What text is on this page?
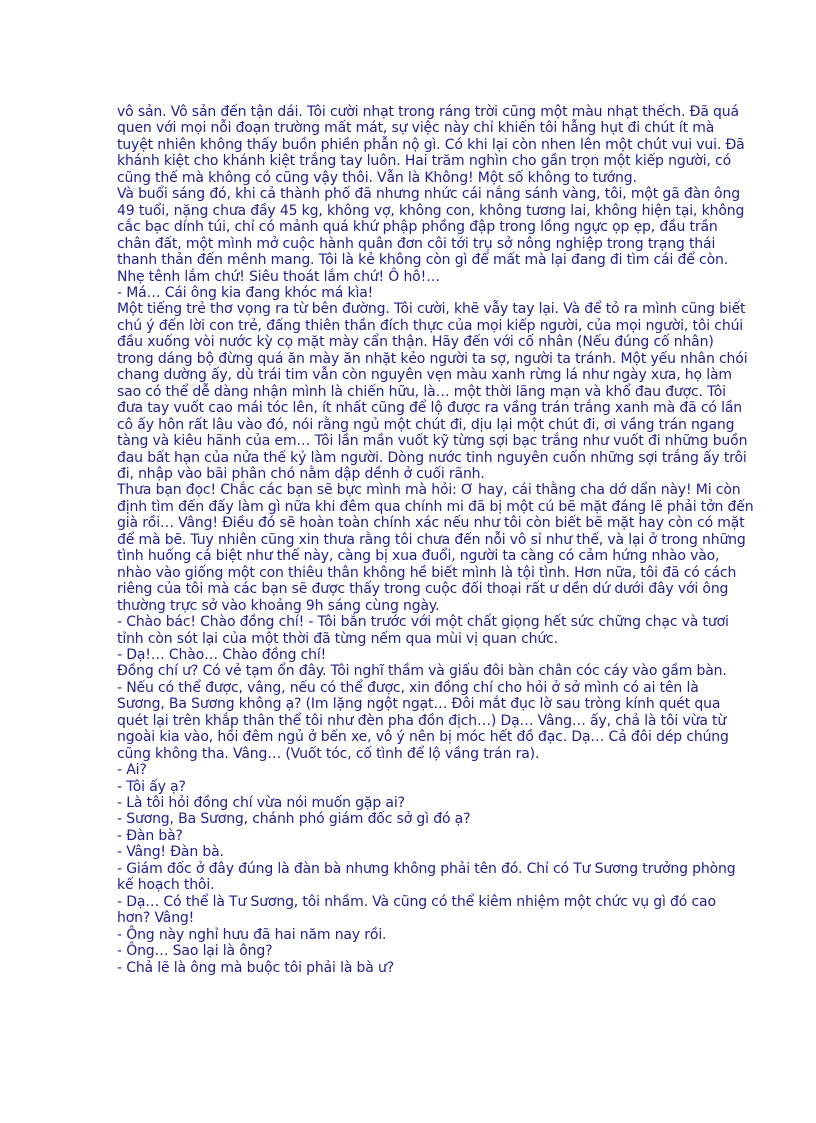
vô sản. Vô sản đến tận dái. Tôi cười nhạt trong ráng trời cũng một màu nhạt thếch. Đã quá
quen với mọi nỗi đoạn trường mất mát, sự việc này chỉ khiến tôi hẫng hụt đi chút ít mà
tuyệt nhiên không thấy buồn phiền phẫn nộ gì. Có khi lại còn nhen lên một chút vui vui. Đã
khánh kiệt cho khánh kiệt trắng tay luôn. Hai trăm nghìn cho gần trọn một kiếp người, có
cũng thế mà không có cũng vậy thôi. Vẫn là Không! Một số không to tướng.
Và buổi sáng đó, khi cả thành phố đã nhưng nhức cái nắng sánh vàng, tôi, một gã đàn ông
49 tuổi, nặng chưa đầy 45 kg, không vợ, không con, không tương lai, không hiện tại, không
cắc bạc dính túi, chỉ có mảnh quá khứ phập phồng đập trong lồng ngực ọp ẹp, đầu trần
chân đất, một mình mở cuộc hành quân đơn côi tới trụ sở nông nghiệp trong trạng thái
thanh thản đến mênh mang. Tôi là kẻ không còn gì để mất mà lại đang đi tìm cái để còn.
Nhẹ tênh lắm chứ! Siêu thoát lắm chứ! Ô hô!…
- Má… Cái ông kia đang khóc má kìa!
Một tiếng trẻ thơ vọng ra từ bên đường. Tôi cười, khẽ vẫy tay lại. Và để tỏ ra mình cũng biết
chú ý đến lời con trẻ, đấng thiên thần đích thực của mọi kiếp người, của mọi người, tôi chúi
đầu xuống vòi nước kỳ cọ mặt mày cẩn thận. Hãy đến với cố nhân (Nếu đúng cố nhân)
trong dáng bộ đừng quá ăn mày ăn nhặt kẻo người ta sợ, người ta tránh. Một yếu nhân chói
chang dường ấy, dù trái tim vẫn còn nguyên vẹn màu xanh rừng lá như ngày xưa, họ làm
sao có thể dễ dàng nhận mình là chiến hữu, là… một thời lãng mạn và khổ đau được. Tôi
đưa tay vuốt cao mái tóc lên, ít nhất cũng để lộ được ra vầng trán trắng xanh mà đã có lần
cô ấy hôn rất lâu vào đó, nói rằng ngủ một chút đi, dịu lại một chút đi, ơi vầng trán ngang
tàng và kiêu hãnh của em… Tôi lần mần vuốt kỹ từng sợi bạc trắng như vuốt đi những buồn
đau bất hạn của nửa thế kỷ làm người. Dòng nước tinh nguyên cuốn những sợi trắng ấy trôi
đi, nhập vào bãi phân chó nằm dập dềnh ở cuối rãnh.
Thưa bạn đọc! Chắc các bạn sẽ bực mình mà hỏi: Ơ hay, cái thằng cha dớ dẩn này! Mi còn
định tìm đến đấy làm gì nữa khi đêm qua chính mi đã bị một cú bẽ mặt đáng lẽ phải tởn đến
già rồi… Vâng! Điều đó sẽ hoàn toàn chính xác nếu như tôi còn biết bẽ mặt hay còn có mặt
để mà bẽ. Tuy nhiên cũng xin thưa rằng tôi chưa đến nỗi vô sỉ như thế, và lại ở trong những
tình huống cá biệt như thế này, càng bị xua đuổi, người ta càng có cảm hứng nhào vào,
nhào vào giống một con thiêu thân không hề biết mình là tội tình. Hơn nữa, tôi đã có cách
riêng của tôi mà các bạn sẽ được thấy trong cuộc đối thoại rất ư dền dứ dưới đây với ông
thường trực sở vào khoảng 9h sáng cùng ngày.
- Chào bác! Chào đồng chí! - Tôi bắn trước với một chất giọng hết sức chững chạc và tươi
tỉnh còn sót lại của một thời đã từng nếm qua mùi vị quan chức.
- Dạ!… Chào… Chào đồng chí!
Đồng chí ư? Có vẻ tạm ổn đây. Tôi nghĩ thầm và giấu đôi bàn chân cóc cáy vào gầm bàn.
- Nếu có thể được, vâng, nếu có thể được, xin đồng chí cho hỏi ở sở mình có ai tên là
Sương, Ba Sương không ạ? (Im lặng ngột ngạt… Đôi mắt đục lờ sau tròng kính quét qua
quét lại trên khắp thân thể tôi như đèn pha đồn địch…) Dạ… Vâng… ấy, chả là tôi vừa từ
ngoài kia vào, hồi đêm ngủ ở bến xe, vô ý nên bị móc hết đồ đạc. Dạ… Cả đôi dép chúng
cũng không tha. Vâng… (Vuốt tóc, cố tình để lộ vầng trán ra).
- Ai?
- Tôi ấy ạ?
- Là tôi hỏi đồng chí vừa nói muốn gặp ai?
- Sương, Ba Sương, chánh phó giám đốc sở gì đó ạ?
- Đàn bà?
- Vâng! Đàn bà.
- Giám đốc ở đây đúng là đàn bà nhưng không phải tên đó. Chỉ có Tư Sương trưởng phòng
kế hoạch thôi.
- Dạ… Có thể là Tư Sương, tôi nhầm. Và cũng có thể kiêm nhiệm một chức vụ gì đó cao
hơn? Vâng!
- Ông này nghỉ hưu đã hai năm nay rồi.
- Ông… Sao lại là ông?
- Chả lẽ là ông mà buộc tôi phải là bà ư?
